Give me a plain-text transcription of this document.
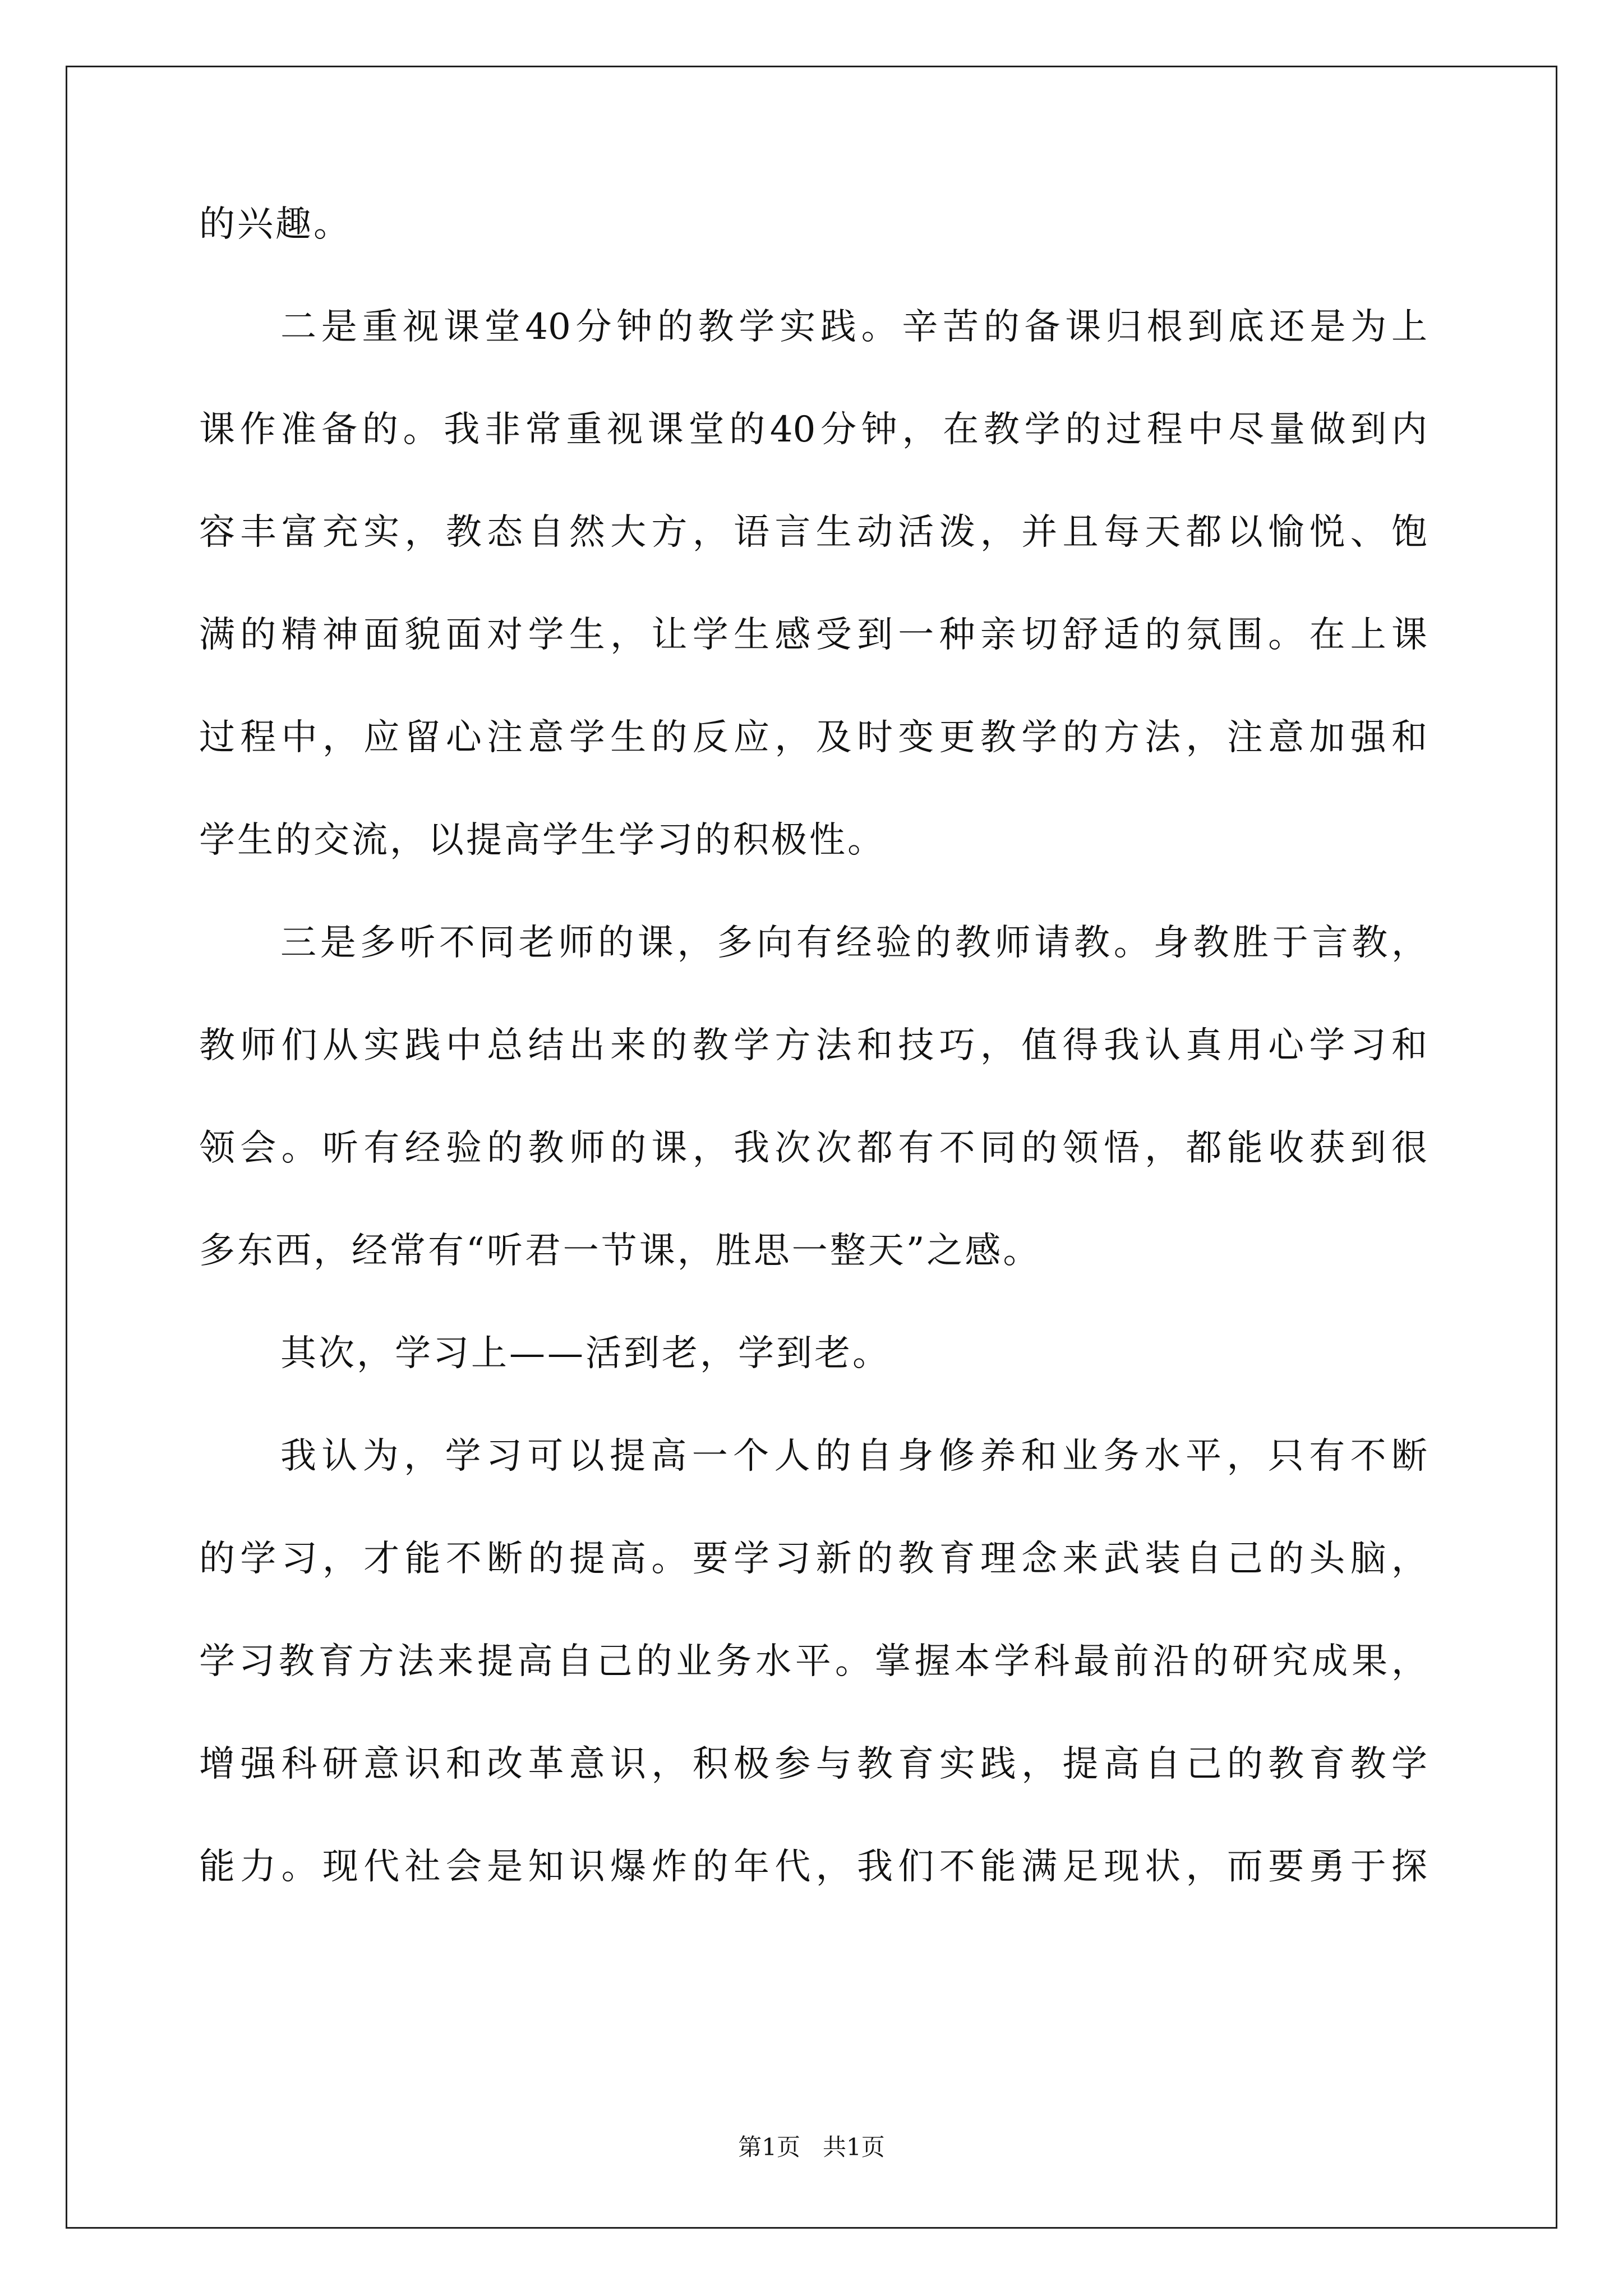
的兴趣。
二是重视课堂40分钟的教学实践。辛苦的备课归根到底还是为上
课作准备的。我非常重视课堂的40分钟，在教学的过程中尽量做到内
容丰富充实，教态自然大方，语言生动活泼，并且每天都以愉悦、饱
满的精神面貌面对学生，让学生感受到一种亲切舒适的氛围。在上课
过程中，应留心注意学生的反应，及时变更教学的方法，注意加强和
学生的交流，以提高学生学习的积极性。
三是多听不同老师的课，多向有经验的教师请教。身教胜于言教，
教师们从实践中总结出来的教学方法和技巧，值得我认真用心学习和
领会。听有经验的教师的课，我次次都有不同的领悟，都能收获到很
多东西，经常有“听君一节课，胜思一整天”之感。
其次，学习上——活到老，学到老。
我认为，学习可以提高一个人的自身修养和业务水平，只有不断
的学习，才能不断的提高。要学习新的教育理念来武装自己的头脑，
学习教育方法来提高自己的业务水平。掌握本学科最前沿的研究成果，
增强科研意识和改革意识，积极参与教育实践，提高自己的教育教学
能力。现代社会是知识爆炸的年代，我们不能满足现状，而要勇于探
第1页   共1页
